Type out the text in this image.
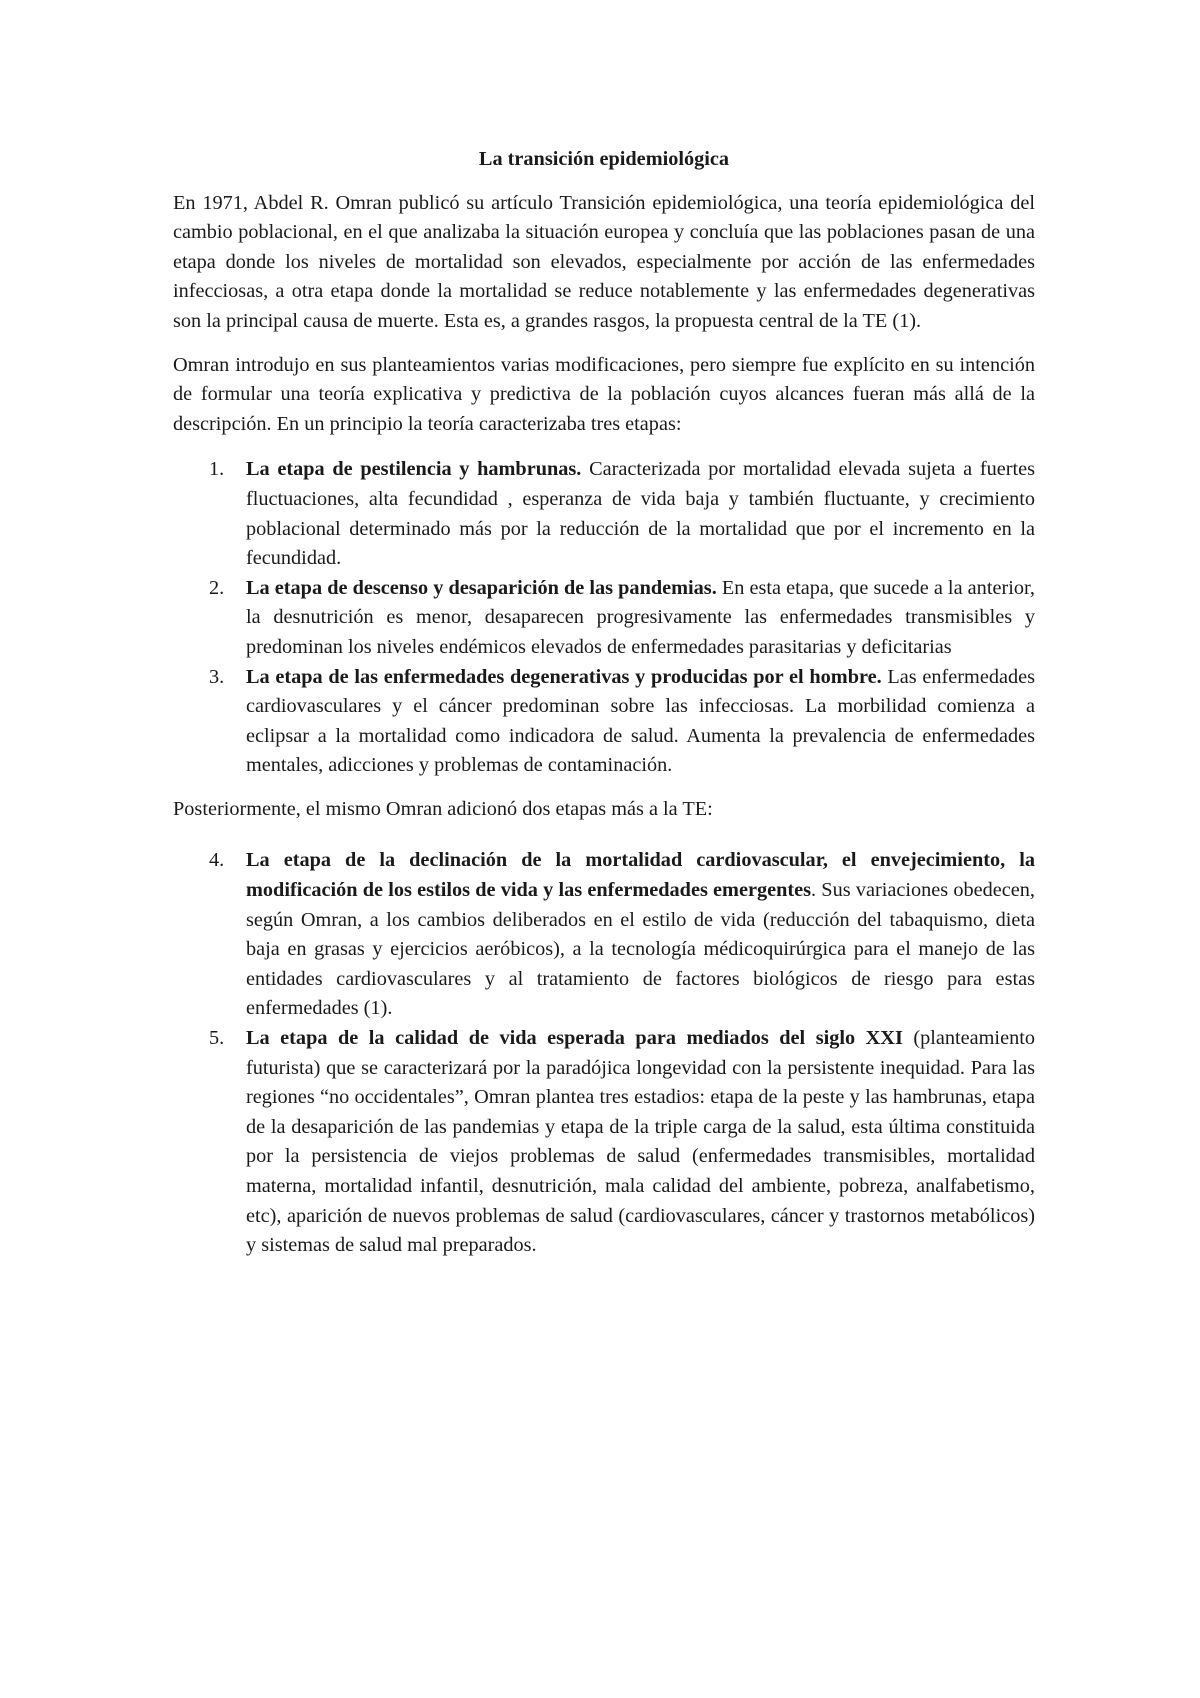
La transición epidemiológica

En 1971, Abdel R. Omran publicó su artículo Transición epidemiológica, una teoría epidemiológica del cambio poblacional, en el que analizaba la situación europea y concluía que las poblaciones pasan de una etapa donde los niveles de mortalidad son elevados, especialmente por acción de las enfermedades infecciosas, a otra etapa donde la mortalidad se reduce notablemente y las enfermedades degenerativas son la principal causa de muerte. Esta es, a grandes rasgos, la propuesta central de la TE (1).

Omran introdujo en sus planteamientos varias modificaciones, pero siempre fue explícito en su intención de formular una teoría explicativa y predictiva de la población cuyos alcances fueran más allá de la descripción. En un principio la teoría caracterizaba tres etapas:

1. La etapa de pestilencia y hambrunas. Caracterizada por mortalidad elevada sujeta a fuertes fluctuaciones, alta fecundidad , esperanza de vida baja y también fluctuante, y crecimiento poblacional determinado más por la reducción de la mortalidad que por el incremento en la fecundidad.
2. La etapa de descenso y desaparición de las pandemias. En esta etapa, que sucede a la anterior, la desnutrición es menor, desaparecen progresivamente las enfermedades transmisibles y predominan los niveles endémicos elevados de enfermedades parasitarias y deficitarias
3. La etapa de las enfermedades degenerativas y producidas por el hombre. Las enfermedades cardiovasculares y el cáncer predominan sobre las infecciosas. La morbilidad comienza a eclipsar a la mortalidad como indicadora de salud. Aumenta la prevalencia de enfermedades mentales, adicciones y problemas de contaminación.

Posteriormente, el mismo Omran adicionó dos etapas más a la TE:

4. La etapa de la declinación de la mortalidad cardiovascular, el envejecimiento, la modificación de los estilos de vida y las enfermedades emergentes. Sus variaciones obedecen, según Omran, a los cambios deliberados en el estilo de vida (reducción del tabaquismo, dieta baja en grasas y ejercicios aeróbicos), a la tecnología médicoquirúrgica para el manejo de las entidades cardiovasculares y al tratamiento de factores biológicos de riesgo para estas enfermedades (1).
5. La etapa de la calidad de vida esperada para mediados del siglo XXI (planteamiento futurista) que se caracterizará por la paradójica longevidad con la persistente inequidad. Para las regiones “no occidentales”, Omran plantea tres estadios: etapa de la peste y las hambrunas, etapa de la desaparición de las pandemias y etapa de la triple carga de la salud, esta última constituida por la persistencia de viejos problemas de salud (enfermedades transmisibles, mortalidad materna, mortalidad infantil, desnutrición, mala calidad del ambiente, pobreza, analfabetismo, etc), aparición de nuevos problemas de salud (cardiovasculares, cáncer y trastornos metabólicos) y sistemas de salud mal preparados.
